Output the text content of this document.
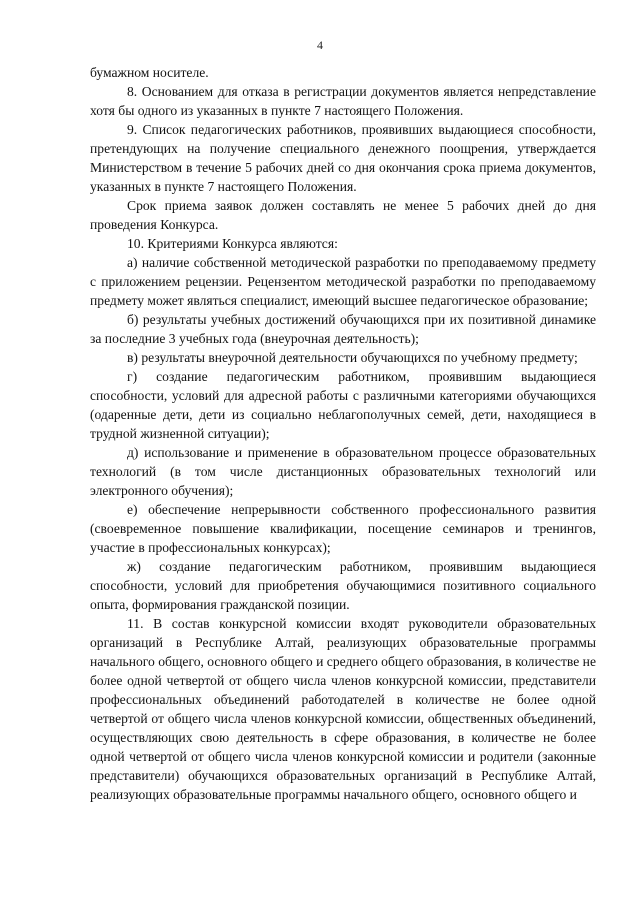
4

бумажном носителе.

8. Основанием для отказа в регистрации документов является непредставление хотя бы одного из указанных в пункте 7 настоящего Положения.

9. Список педагогических работников, проявивших выдающиеся способности, претендующих на получение специального денежного поощрения, утверждается Министерством в течение 5 рабочих дней со дня окончания срока приема документов, указанных в пункте 7 настоящего Положения.

Срок приема заявок должен составлять не менее 5 рабочих дней до дня проведения Конкурса.

10. Критериями Конкурса являются:

а) наличие собственной методической разработки по преподаваемому предмету с приложением рецензии. Рецензентом методической разработки по преподаваемому предмету может являться специалист, имеющий высшее педагогическое образование;

б) результаты учебных достижений обучающихся при их позитивной динамике за последние 3 учебных года (внеурочная деятельность);

в) результаты внеурочной деятельности обучающихся по учебному предмету;

г) создание педагогическим работником, проявившим выдающиеся способности, условий для адресной работы с различными категориями обучающихся (одаренные дети, дети из социально неблагополучных семей, дети, находящиеся в трудной жизненной ситуации);

д) использование и применение в образовательном процессе образовательных технологий (в том числе дистанционных образовательных технологий или электронного обучения);

е) обеспечение непрерывности собственного профессионального развития (своевременное повышение квалификации, посещение семинаров и тренингов, участие в профессиональных конкурсах);

ж) создание педагогическим работником, проявившим выдающиеся способности, условий для приобретения обучающимися позитивного социального опыта, формирования гражданской позиции.

11. В состав конкурсной комиссии входят руководители образовательных организаций в Республике Алтай, реализующих образовательные программы начального общего, основного общего и среднего общего образования, в количестве не более одной четвертой от общего числа членов конкурсной комиссии, представители профессиональных объединений работодателей в количестве не более одной четвертой от общего числа членов конкурсной комиссии, общественных объединений, осуществляющих свою деятельность в сфере образования, в количестве не более одной четвертой от общего числа членов конкурсной комиссии и родители (законные представители) обучающихся образовательных организаций в Республике Алтай, реализующих образовательные программы начального общего, основного общего и
